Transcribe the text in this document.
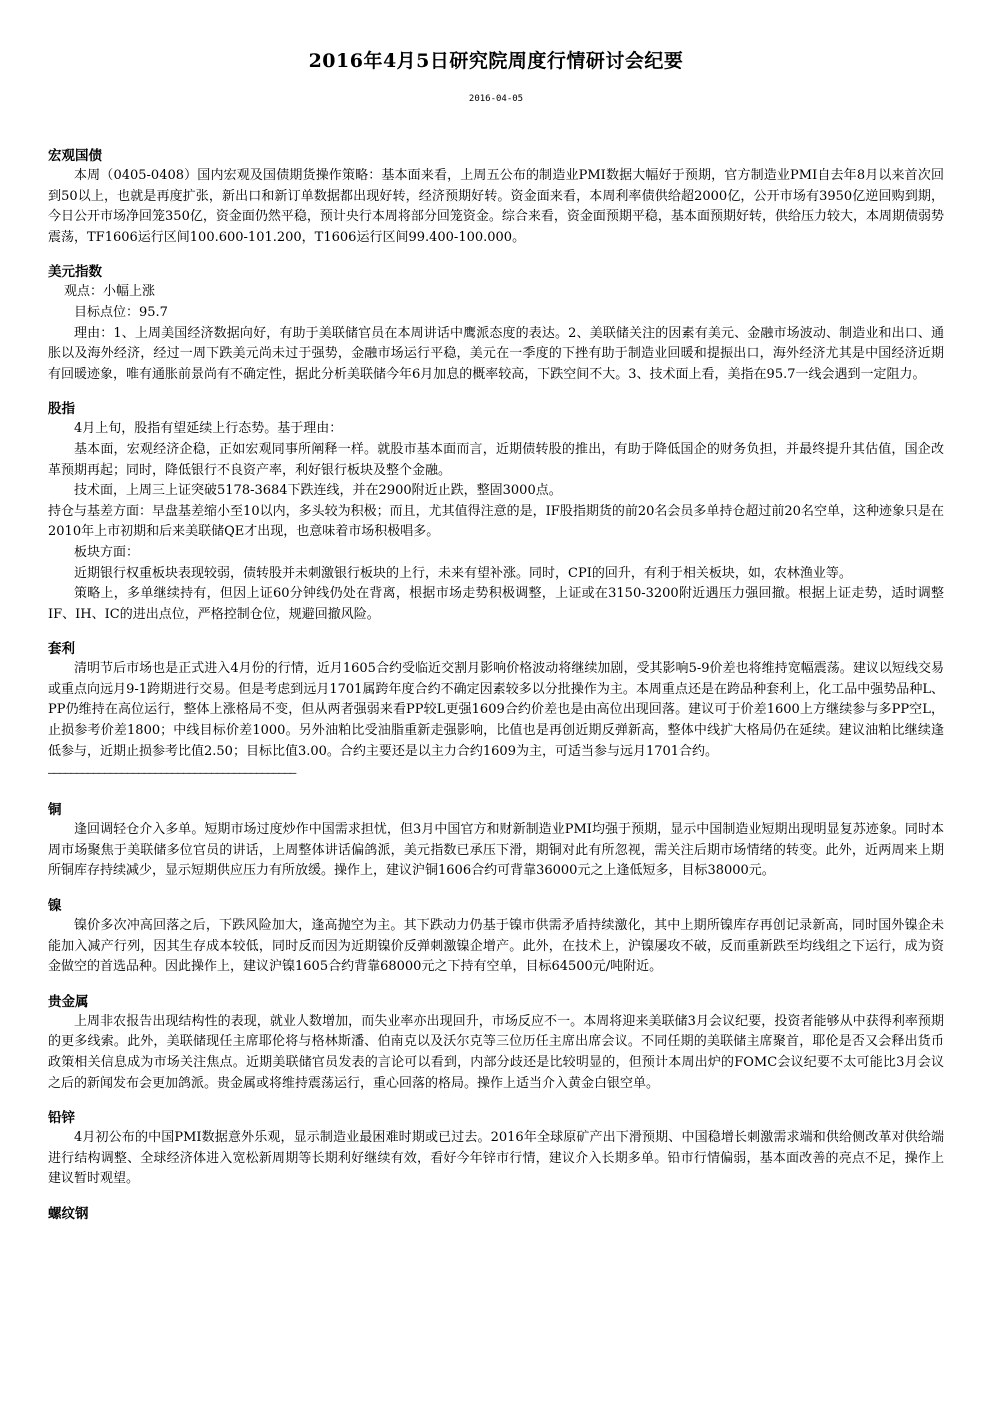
2016年4月5日研究院周度行情研讨会纪要
2016-04-05

宏观国债

本周（0405-0408）国内宏观及国债期货操作策略：基本面来看，上周五公布的制造业PMI数据大幅好于预期，官方制造业PMI自去年8月以来首次回到50以上，也就是再度扩张，新出口和新订单数据都出现好转，经济预期好转。资金面来看，本周利率债供给超2000亿，公开市场有3950亿逆回购到期，今日公开市场净回笼350亿，资金面仍然平稳，预计央行本周将部分回笼资金。综合来看，资金面预期平稳，基本面预期好转，供给压力较大，本周期债弱势震荡，TF1606运行区间100.600-101.200，T1606运行区间99.400-100.000。

美元指数

观点：小幅上涨

目标点位：95.7

理由：1、上周美国经济数据向好，有助于美联储官员在本周讲话中鹰派态度的表达。2、美联储关注的因素有美元、金融市场波动、制造业和出口、通胀以及海外经济，经过一周下跌美元尚未过于强势，金融市场运行平稳，美元在一季度的下挫有助于制造业回暖和提振出口，海外经济尤其是中国经济近期有回暖迹象，唯有通胀前景尚有不确定性，据此分析美联储今年6月加息的概率较高，下跌空间不大。3、技术面上看，美指在95.7一线会遇到一定阻力。

股指

4月上旬，股指有望延续上行态势。基于理由：

基本面，宏观经济企稳，正如宏观同事所阐释一样。就股市基本面而言，近期债转股的推出，有助于降低国企的财务负担，并最终提升其估值，国企改革预期再起；同时，降低银行不良资产率，利好银行板块及整个金融。

技术面，上周三上证突破5178-3684下跌连线，并在2900附近止跌，整固3000点。

持仓与基差方面：早盘基差缩小至10以内，多头较为积极；而且，尤其值得注意的是，IF股指期货的前20名会员多单持仓超过前20名空单，这种迹象只是在2010年上市初期和后来美联储QE才出现，也意味着市场积极唱多。

板块方面：

近期银行权重板块表现较弱，债转股并未刺激银行板块的上行，未来有望补涨。同时，CPI的回升，有利于相关板块，如，农林渔业等。

策略上，多单继续持有，但因上证60分钟线仍处在背离，根据市场走势积极调整，上证或在3150-3200附近遇压力强回撤。根据上证走势，适时调整IF、IH、IC的进出点位，严格控制仓位，规避回撤风险。

套利

清明节后市场也是正式进入4月份的行情，近月1605合约受临近交割月影响价格波动将继续加剧，受其影响5-9价差也将维持宽幅震荡。建议以短线交易或重点向远月9-1跨期进行交易。但是考虑到远月1701属跨年度合约不确定因素较多以分批操作为主。本周重点还是在跨品种套利上，化工品中强势品种L、PP仍维持在高位运行，整体上涨格局不变，但从两者强弱来看PP较L更强1609合约价差也是由高位出现回落。建议可于价差1600上方继续参与多PP空L，止损参考价差1800；中线目标价差1000。另外油粕比受油脂重新走强影响，比值也是再创近期反弹新高，整体中线扩大格局仍在延续。建议油粕比继续逢低参与，近期止损参考比值2.50；目标比值3.00。合约主要还是以主力合约1609为主，可适当参与远月1701合约。

————————————————————————————————————————————

铜

逢回调轻仓介入多单。短期市场过度炒作中国需求担忧，但3月中国官方和财新制造业PMI均强于预期，显示中国制造业短期出现明显复苏迹象。同时本周市场聚焦于美联储多位官员的讲话，上周整体讲话偏鸽派，美元指数已承压下滑，期铜对此有所忽视，需关注后期市场情绪的转变。此外，近两周来上期所铜库存持续减少，显示短期供应压力有所放缓。操作上，建议沪铜1606合约可背靠36000元之上逢低短多，目标38000元。

镍

镍价多次冲高回落之后，下跌风险加大，逢高抛空为主。其下跌动力仍基于镍市供需矛盾持续激化，其中上期所镍库存再创记录新高，同时国外镍企未能加入减产行列，因其生存成本较低，同时反而因为近期镍价反弹刺激镍企增产。此外，在技术上，沪镍屡攻不破，反而重新跌至均线组之下运行，成为资金做空的首选品种。因此操作上，建议沪镍1605合约背靠68000元之下持有空单，目标64500元/吨附近。

贵金属

上周非农报告出现结构性的表现，就业人数增加，而失业率亦出现回升，市场反应不一。本周将迎来美联储3月会议纪要，投资者能够从中获得利率预期的更多线索。此外，美联储现任主席耶伦将与格林斯潘、伯南克以及沃尔克等三位历任主席出席会议。不同任期的美联储主席聚首，耶伦是否又会释出货币政策相关信息成为市场关注焦点。近期美联储官员发表的言论可以看到，内部分歧还是比较明显的，但预计本周出炉的FOMC会议纪要不太可能比3月会议之后的新闻发布会更加鸽派。贵金属或将维持震荡运行，重心回落的格局。操作上适当介入黄金白银空单。

铅锌

4月初公布的中国PMI数据意外乐观，显示制造业最困难时期或已过去。2016年全球原矿产出下滑预期、中国稳增长刺激需求端和供给侧改革对供给端进行结构调整、全球经济体进入宽松新周期等长期利好继续有效，看好今年锌市行情，建议介入长期多单。铅市行情偏弱，基本面改善的亮点不足，操作上建议暂时观望。

螺纹钢
